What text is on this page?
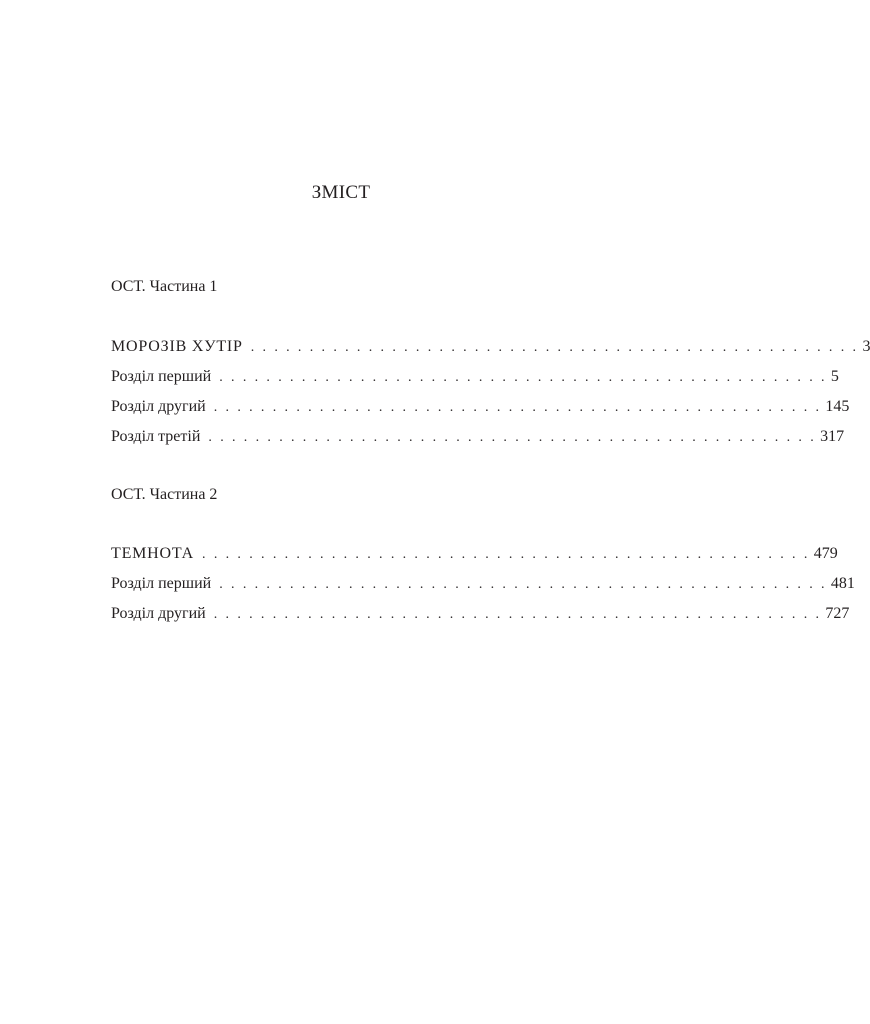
ЗМІСТ
ОСТ. Частина 1
МОРОЗІВ ХУТІР . . . . . . . . . . . . . . . . . . . . . . . . . . . . . . . . . . . . . . . . . . . . . . . . . . . . 3
Розділ перший . . . . . . . . . . . . . . . . . . . . . . . . . . . . . . . . . . . . . . . . . . . . . . . . . . . . 5
Розділ другий . . . . . . . . . . . . . . . . . . . . . . . . . . . . . . . . . . . . . . . . . . . . . . . . . . . . 145
Розділ третій . . . . . . . . . . . . . . . . . . . . . . . . . . . . . . . . . . . . . . . . . . . . . . . . . . . . 317
ОСТ. Частина 2
ТЕМНОТА . . . . . . . . . . . . . . . . . . . . . . . . . . . . . . . . . . . . . . . . . . . . . . . . . . . . 479
Розділ перший . . . . . . . . . . . . . . . . . . . . . . . . . . . . . . . . . . . . . . . . . . . . . . . . . . . . 481
Розділ другий . . . . . . . . . . . . . . . . . . . . . . . . . . . . . . . . . . . . . . . . . . . . . . . . . . . . 727
